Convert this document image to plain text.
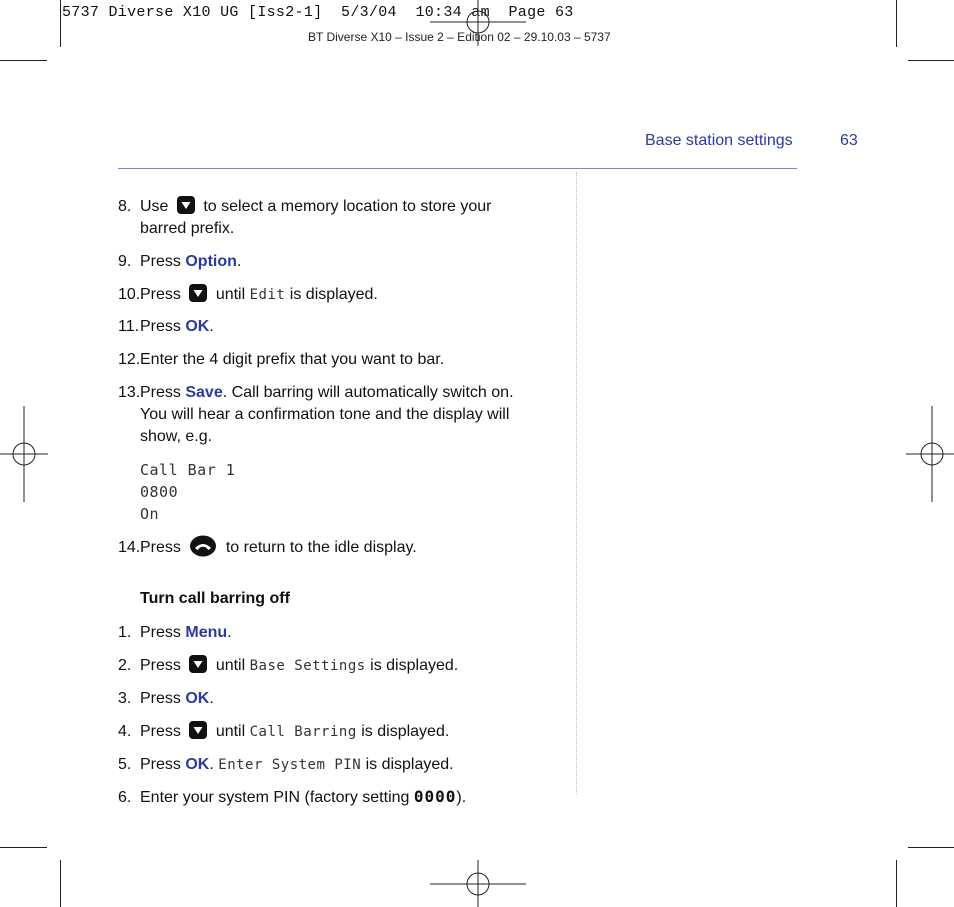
5737 Diverse X10 UG [Iss2-1]  5/3/04  10:34 am  Page 63
BT Diverse X10 – Issue 2 – Edition 02 – 29.10.03 – 5737
Base station settings	63
8. Use to select a memory location to store your
barred prefix.
9. Press Option.
10.Press until Edit is displayed.
11.Press OK.
12.Enter the 4 digit prefix that you want to bar.
13.Press Save. Call barring will automatically switch on.
You will hear a confirmation tone and the display will
show, e.g.
Call Bar 1
0800
On
14.Press	to return to the idle display.
Turn call barring off
1. Press Menu.
2. Press until Base Settings is displayed.
3. Press OK.
4. Press until Call Barring is displayed.
5. Press OK. Enter System PIN is displayed.
6. Enter your system PIN (factory setting 0000).
